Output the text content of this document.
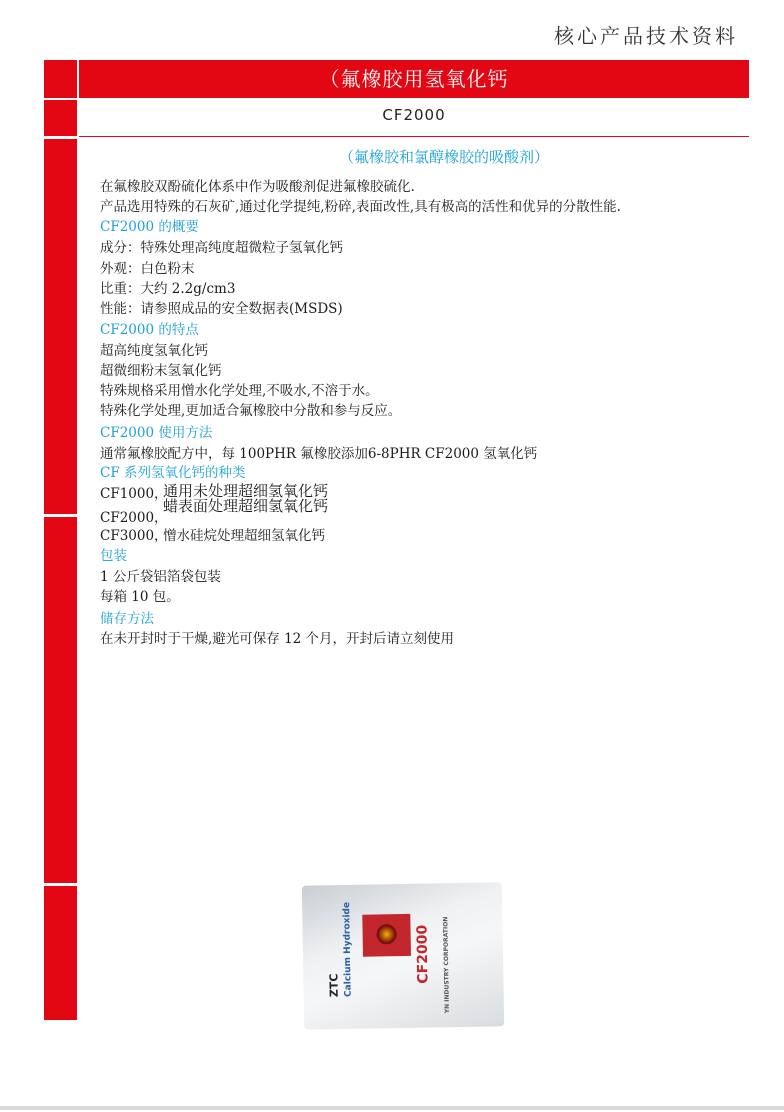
核心产品技术资料
（氟橡胶用氢氧化钙
CF2000
（氟橡胶和氯醇橡胶的吸酸剂）
在氟橡胶双酚硫化体系中作为吸酸剂促进氟橡胶硫化.
产品选用特殊的石灰矿,通过化学提纯,粉碎,表面改性,具有极高的活性和优异的分散性能.
CF2000 的概要
成分：特殊处理高纯度超微粒子氢氧化钙
外观：白色粉末
比重：大约 2.2g/cm3
性能：请参照成品的安全数据表(MSDS)
CF2000 的特点
超高纯度氢氧化钙
超微细粉末氢氧化钙
特殊规格采用憎水化学处理,不吸水,不溶于水。
特殊化学处理,更加适合氟橡胶中分散和参与反应。
CF2000 使用方法
通常氟橡胶配方中，每 100PHR 氟橡胶添加6-8PHR CF2000 氢氧化钙
CF 系列氢氧化钙的种类
CF1000，
通用未处理超细氢氧化钙
蜡表面处理超细氢氧化钙
CF2000，
CF3000，
憎水硅烷处理超细氢氧化钙
包装
1 公斤袋铝箔袋包装
每箱 10 包。
储存方法
在未开封时于干燥,避光可保存 12 个月，开封后请立刻使用
ZTC Calcium Hydroxide	CF2000 YN INDUSTRY CORPORATION
